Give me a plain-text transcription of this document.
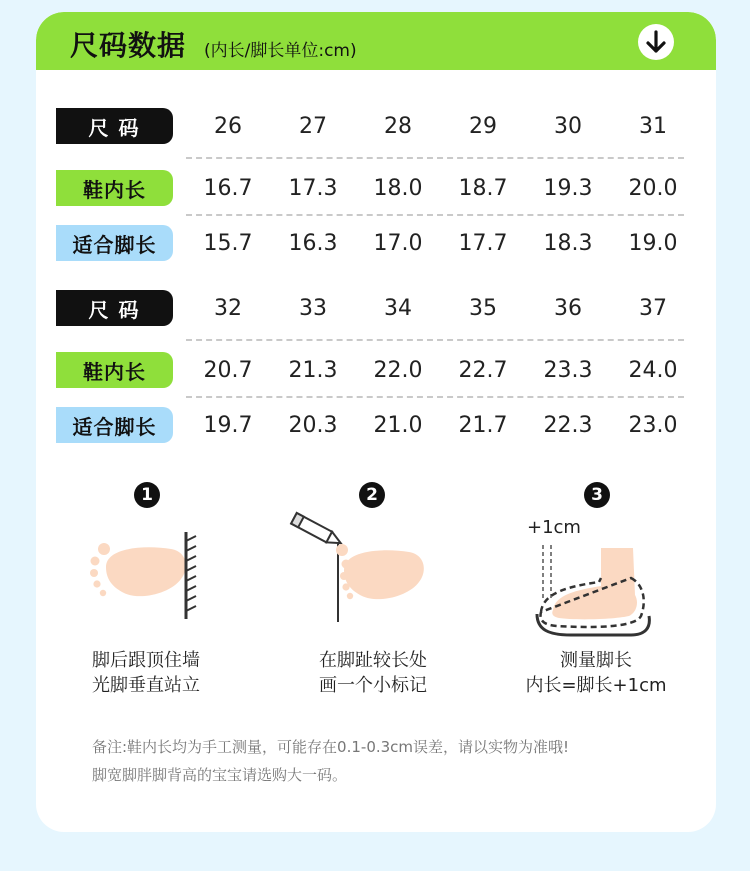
尺码数据 (内长/脚长单位:cm)
尺码	26	27	28	29	30	31
鞋内长	16.7	17.3	18.0	18.7	19.3	20.0
适合脚长	15.7	16.3	17.0	17.7	18.3	19.0
尺码	32	33	34	35	36	37
鞋内长	20.7	21.3	22.0	22.7	23.3	24.0
适合脚长	19.7	20.3	21.0	21.7	22.3	23.0
1	2	3
+1cm
脚后跟顶住墙
光脚垂直站立
在脚趾较长处
画一个小标记
测量脚长
内长=脚长+1cm
备注:鞋内长均为手工测量，可能存在0.1-0.3cm误差，请以实物为准哦!
脚宽脚胖脚背高的宝宝请选购大一码。
